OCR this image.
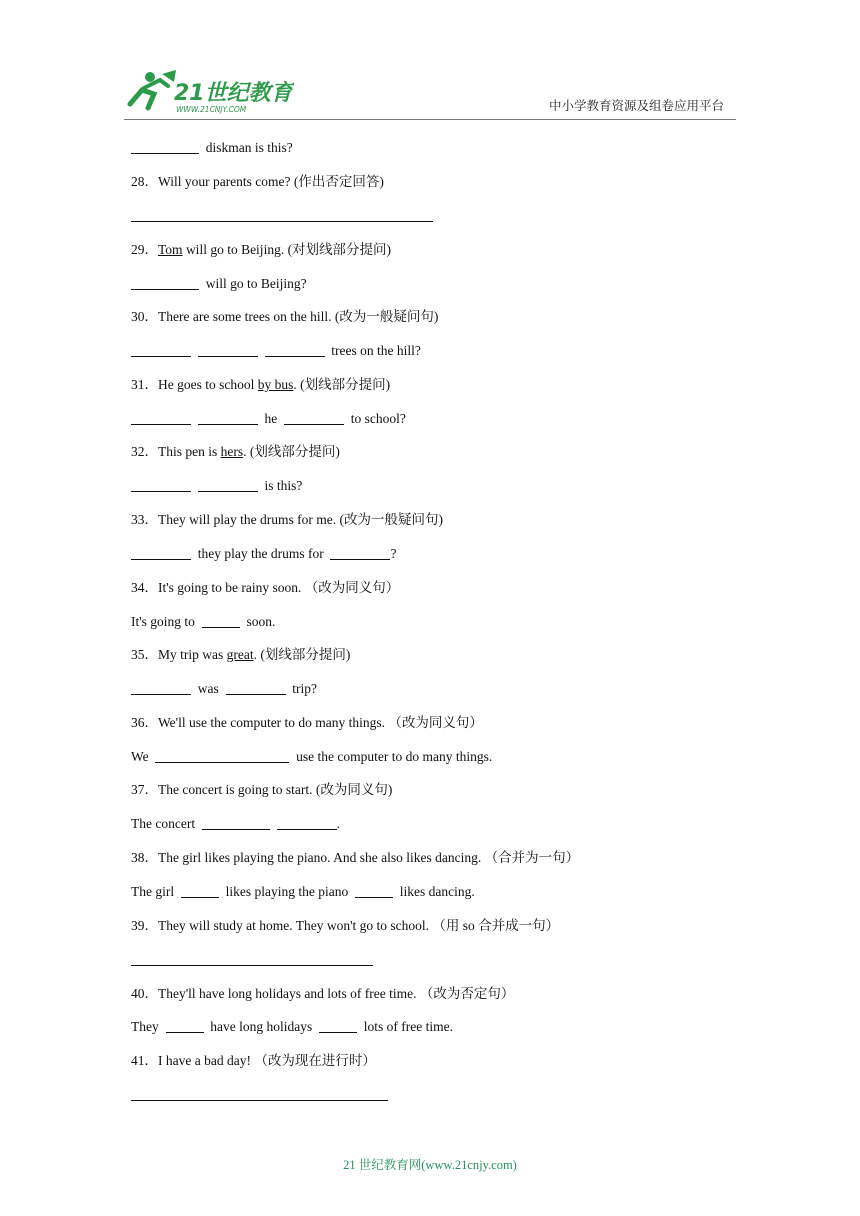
21世纪教育
WWW.21CNJY.COM	中小学教育资源及组卷应用平台
diskman is this?
28．Will your parents come? (作出否定回答)
29．Tom will go to Beijing. (对划线部分提问)
will go to Beijing?
30．There are some trees on the hill. (改为一般疑问句)
trees on the hill?
31．He goes to school by bus. (划线部分提问)
he	to school?
32．This pen is hers. (划线部分提问)
is this?
33．They will play the drums for me. (改为一般疑问句)
they play the drums for	?
34．It's going to be rainy soon. （改为同义句）
It's going to	soon.
35．My trip was great. (划线部分提问)
was	trip?
36．We'll use the computer to do many things. （改为同义句）
We	use the computer to do many things.
37．The concert is going to start. (改为同义句)
The concert	.
38．The girl likes playing the piano. And she also likes dancing. （合并为一句）
The girl	likes playing the piano	likes dancing.
39．They will study at home. They won't go to school. （用 so 合并成一句）
40．They'll have long holidays and lots of free time. （改为否定句）
They	have long holidays	lots of free time.
41．I have a bad day! （改为现在进行时）
21 世纪教育网(www.21cnjy.com)
